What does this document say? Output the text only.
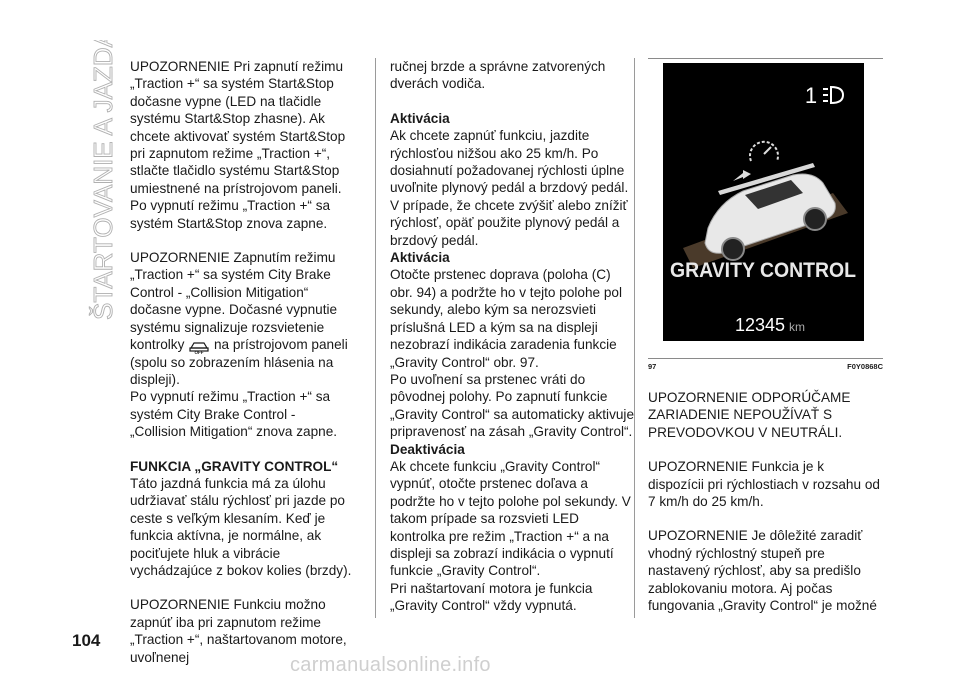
ŠTARTOVANIE A JAZDA UPOZORNENIE Pri zapnutí režimu „Traction +“ sa systém Start&Stop dočasne vypne (LED na tlačidle systému Start&Stop zhasne). Ak chcete aktivovať systém Start&Stop pri zapnutom režime „Traction +“, stlačte tlačidlo systému Start&Stop umiestnené na prístrojovom paneli. Po vypnutí režimu „Traction +“ sa systém Start&Stop znova zapne.

UPOZORNENIE Zapnutím režimu „Traction +“ sa systém City Brake Control - „Collision Mitigation“ dočasne vypne. Dočasné vypnutie systému signalizuje rozsvietenie kontrolky OFF na prístrojovom paneli (spolu so zobrazením hlásenia na displeji).

Po vypnutí režimu „Traction +“ sa systém City Brake Control - „Collision Mitigation“ znova zapne.

FUNKCIA „GRAVITY CONTROL“

Táto jazdná funkcia má za úlohu udržiavať stálu rýchlosť pri jazde po ceste s veľkým klesaním. Keď je funkcia aktívna, je normálne, ak pociťujete hluk a vibrácie vychádzajúce z bokov kolies (brzdy).

UPOZORNENIE Funkciu možno zapnúť iba pri zapnutom režime „Traction +“, naštartovanom motore, uvoľnenej

ručnej brzde a správne zatvorených dverách vodiča.

Aktivácia

Ak chcete zapnúť funkciu, jazdite rýchlosťou nižšou ako 25 km/h. Po dosiahnutí požadovanej rýchlosti úplne uvoľnite plynový pedál a brzdový pedál. V prípade, že chcete zvýšiť alebo znížiť rýchlosť, opäť použite plynový pedál a brzdový pedál.

Aktivácia

Otočte prstenec doprava (poloha (C) obr. 94) a podržte ho v tejto polohe pol sekundy, alebo kým sa nerozsvieti príslušná LED a kým sa na displeji nezobrazí indikácia zaradenia funkcie „Gravity Control“ obr. 97.

Po uvoľnení sa prstenec vráti do pôvodnej polohy. Po zapnutí funkcie „Gravity Control“ sa automaticky aktivuje pripravenosť na zásah „Gravity Control“.

Deaktivácia

Ak chcete funkciu „Gravity Control“ vypnúť, otočte prstenec doľava a podržte ho v tejto polohe pol sekundy. V takom prípade sa rozsvieti LED kontrolka pre režim „Traction +“ a na displeji sa zobrazí indikácia o vypnutí funkcie „Gravity Control“.

Pri naštartovaní motora je funkcia „Gravity Control“ vždy vypnutá.

1
GRAVITY CONTROL
12345 km
97	F0Y0868C

UPOZORNENIE ODPORÚČAME ZARIADENIE NEPOUŽÍVAŤ S PREVODOVKOU V NEUTRÁLI.

UPOZORNENIE Funkcia je k dispozícii pri rýchlostiach v rozsahu od 7 km/h do 25 km/h.

UPOZORNENIE Je dôležité zaradiť vhodný rýchlostný stupeň pre nastavený rýchlosť, aby sa predišlo zablokovaniu motora. Aj počas fungovania „Gravity Control“ je možné

104
carmanualsonline.info
